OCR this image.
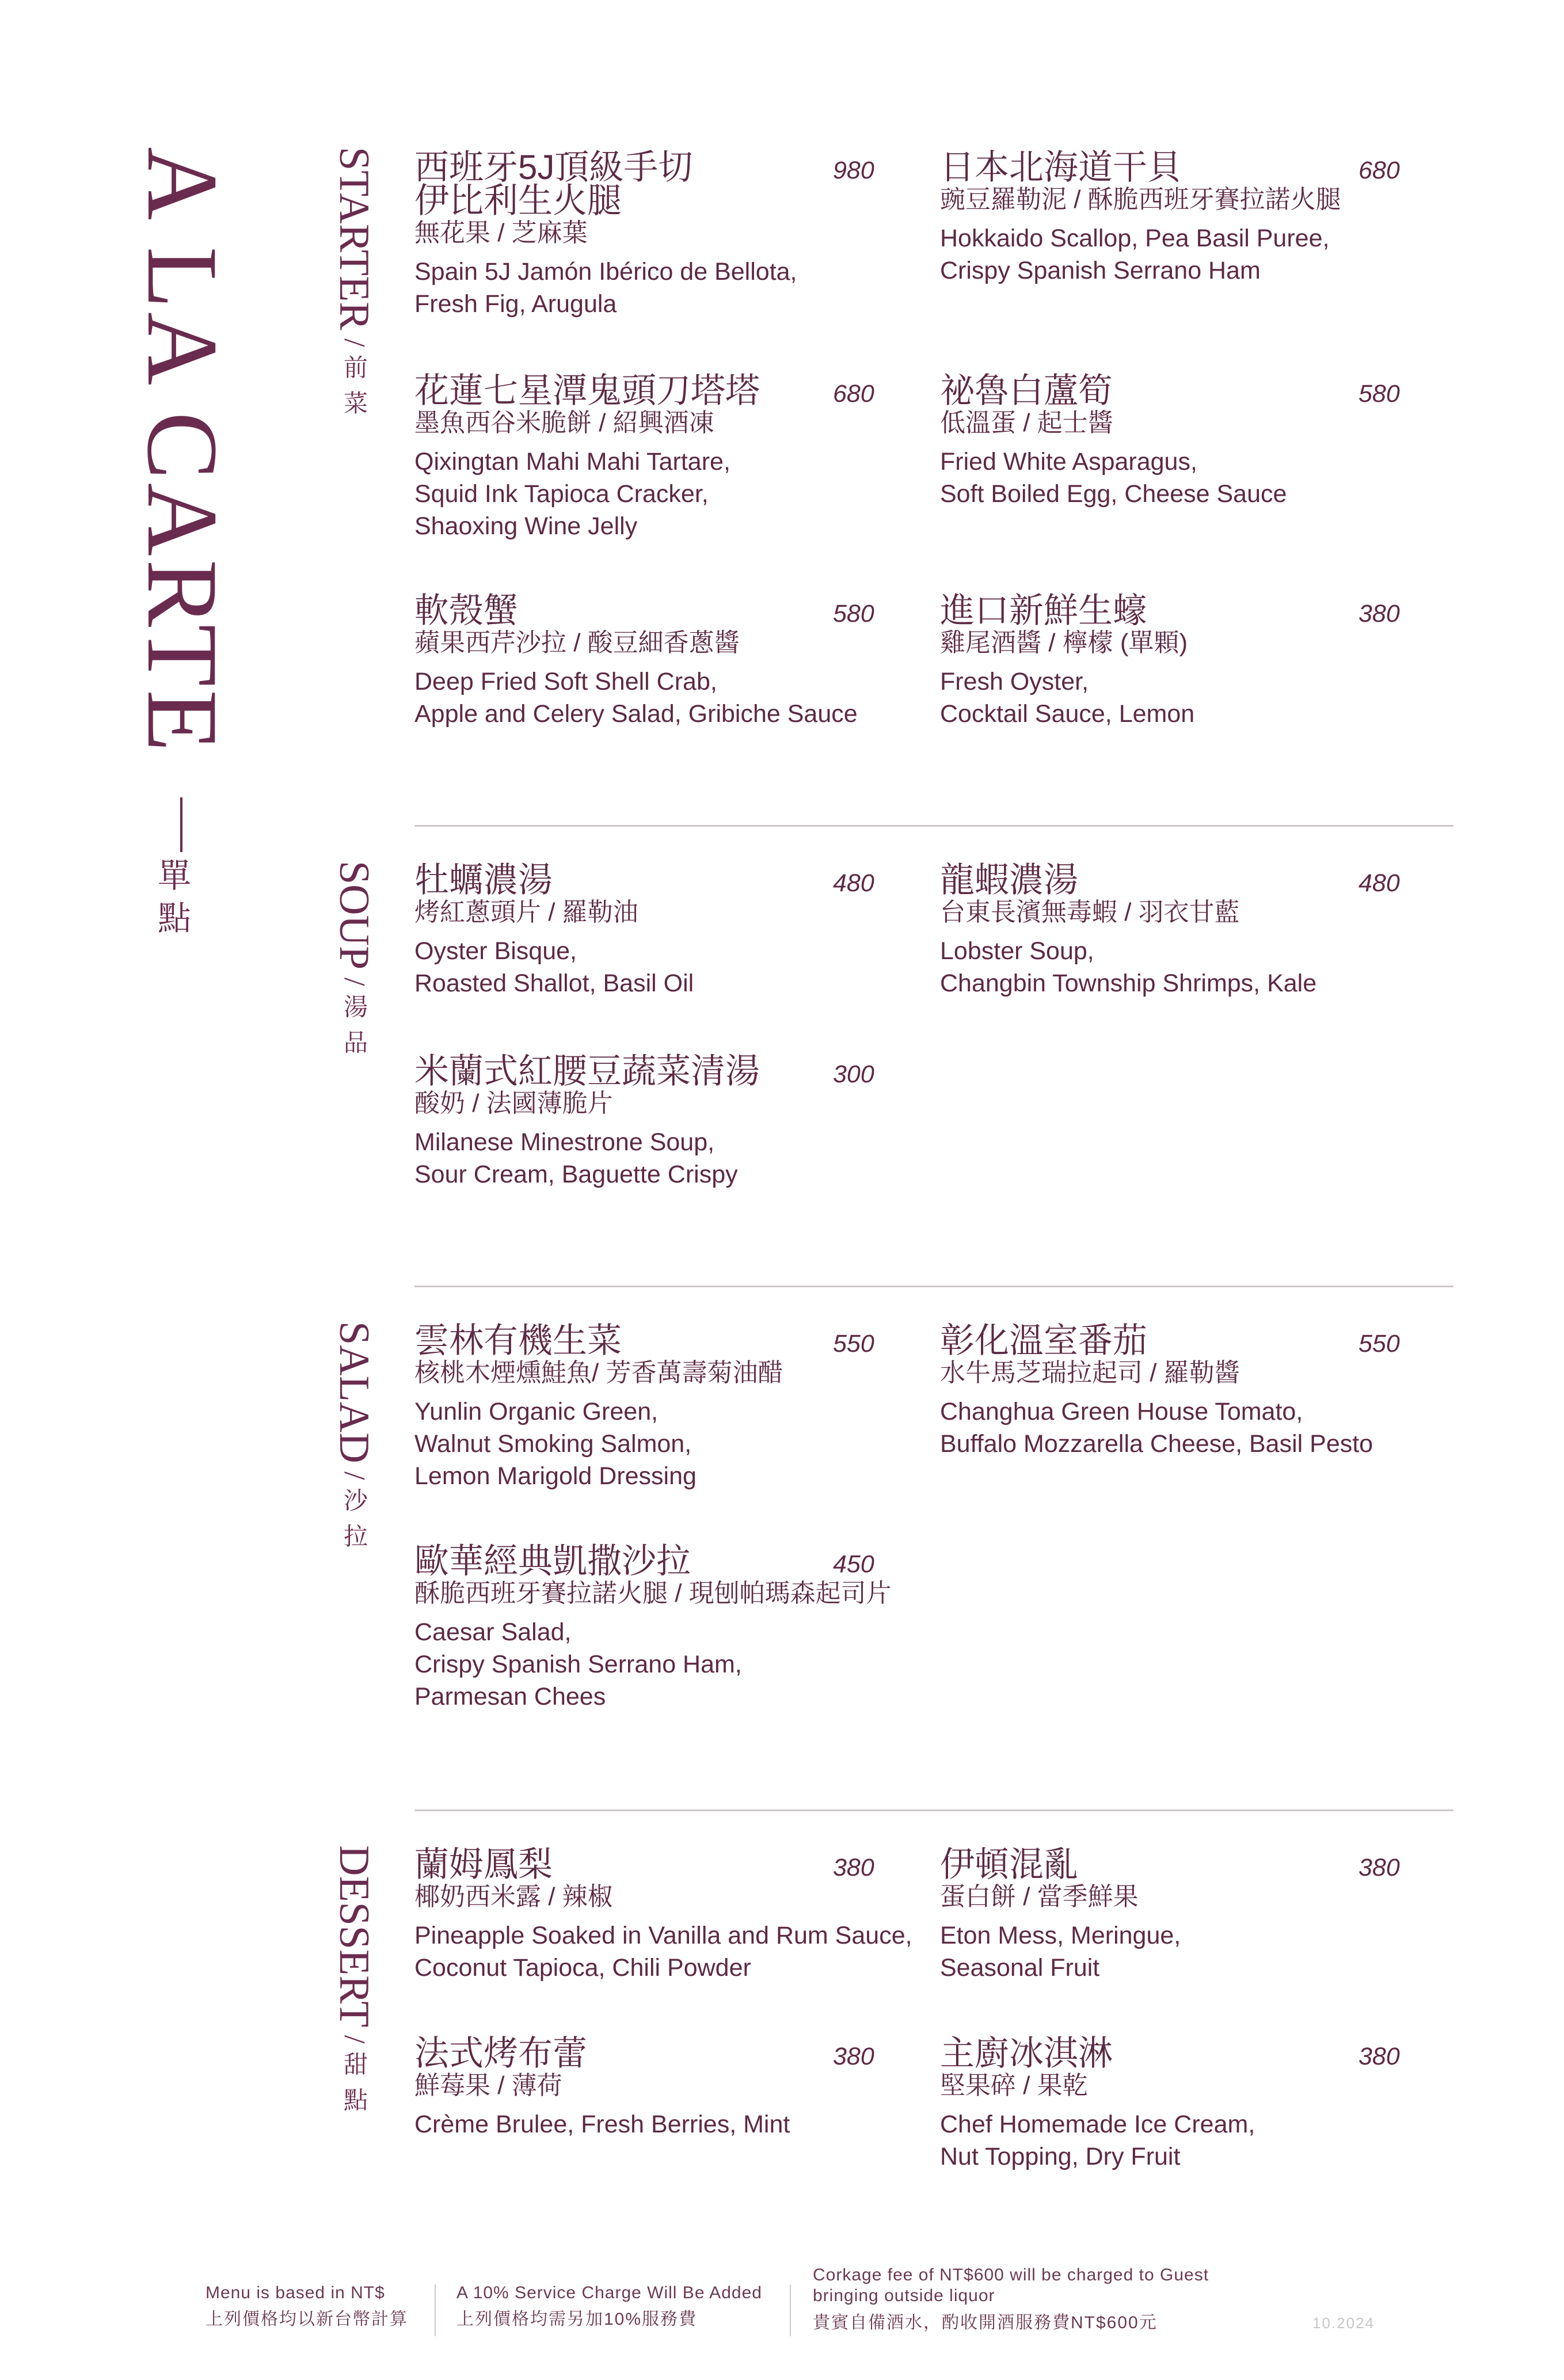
A LA CARTE
單點
STARTER/前菜
SOUP/湯品
SALAD/沙拉
DESSERT/甜點
西班牙5J頂級手切
伊比利生火腿
無花果 / 芝麻葉
Spain 5J Jamón Ibérico de Bellota,
Fresh Fig, Arugula
980 日本北海道干貝
豌豆羅勒泥 / 酥脆西班牙賽拉諾火腿
Hokkaido Scallop, Pea Basil Puree,
Crispy Spanish Serrano Ham
680
花蓮七星潭鬼頭刀塔塔
墨魚西谷米脆餅 / 紹興酒凍
Qixingtan Mahi Mahi Tartare,
Squid Ink Tapioca Cracker,
Shaoxing Wine Jelly
680 祕魯白蘆筍
低溫蛋 / 起士醬
Fried White Asparagus,
Soft Boiled Egg, Cheese Sauce
580
軟殼蟹
蘋果西芹沙拉 / 酸豆細香蔥醬
Deep Fried Soft Shell Crab,
Apple and Celery Salad, Gribiche Sauce
580 進口新鮮生蠔
雞尾酒醬 / 檸檬 (單顆)
Fresh Oyster,
Cocktail Sauce, Lemon
380
牡蠣濃湯
烤紅蔥頭片 / 羅勒油
Oyster Bisque,
Roasted Shallot, Basil Oil
480 龍蝦濃湯
台東長濱無毒蝦 / 羽衣甘藍
Lobster Soup,
Changbin Township Shrimps, Kale
480
米蘭式紅腰豆蔬菜清湯
酸奶 / 法國薄脆片
Milanese Minestrone Soup,
Sour Cream, Baguette Crispy
300
雲林有機生菜
核桃木煙燻鮭魚/ 芳香萬壽菊油醋
Yunlin Organic Green,
Walnut Smoking Salmon,
Lemon Marigold Dressing
550 彰化溫室番茄
水牛馬芝瑞拉起司 / 羅勒醬
Changhua Green House Tomato,
Buffalo Mozzarella Cheese, Basil Pesto
550
歐華經典凱撒沙拉
酥脆西班牙賽拉諾火腿 / 現刨帕瑪森起司片
Caesar Salad,
Crispy Spanish Serrano Ham,
Parmesan Chees
450
蘭姆鳳梨
椰奶西米露 / 辣椒
Pineapple Soaked in Vanilla and Rum Sauce,
Coconut Tapioca, Chili Powder
380 伊頓混亂
蛋白餅 / 當季鮮果
Eton Mess, Meringue,
Seasonal Fruit
380
法式烤布蕾
鮮莓果 / 薄荷
Crème Brulee, Fresh Berries, Mint
380 主廚冰淇淋
堅果碎 / 果乾
Chef Homemade Ice Cream,
Nut Topping, Dry Fruit
380
Menu is based in NT$
上列價格均以新台幣計算
A 10% Service Charge Will Be Added
上列價格均需另加10%服務費
Corkage fee of NT$600 will be charged to Guest
bringing outside liquor
貴賓自備酒水，酌收開酒服務費NT$600元	10.2024
